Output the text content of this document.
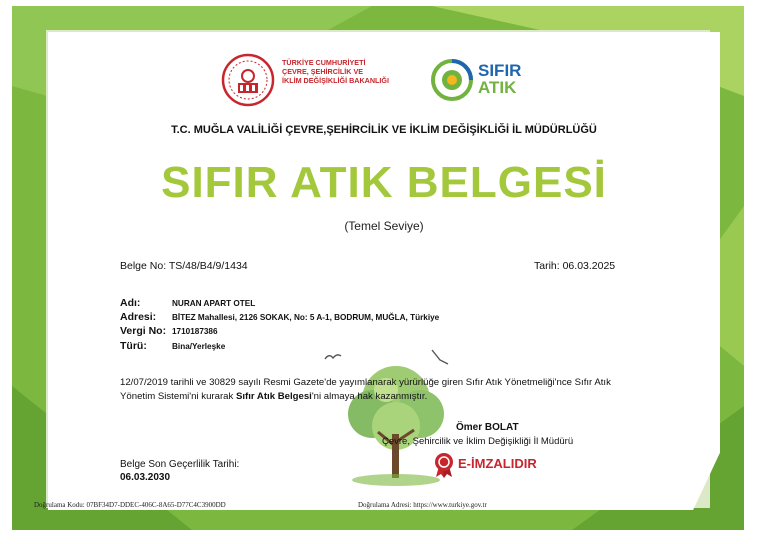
TÜRKİYE CUMHURİYETİ
ÇEVRE, ŞEHİRCİLİK VE
İKLİM DEĞİŞİKLİĞİ BAKANLIĞI
SIFIR
ATIK
T.C. MUĞLA VALİLİĞİ ÇEVRE,ŞEHİRCİLİK VE İKLİM DEĞİŞİKLİĞİ İL MÜDÜRLÜĞÜ
SIFIR ATIK BELGESİ
(Temel Seviye)
Belge No: TS/48/B4/9/1434	Tarih: 06.03.2025
Adı:	NURAN APART OTEL
Adresi: BİTEZ Mahallesi, 2126 SOKAK, No: 5 A-1, BODRUM, MUĞLA, Türkiye
Vergi No: 1710187386
Türü:	Bina/Yerleşke
12/07/2019 tarihli ve 30829 sayılı Resmi Gazete'de yayımlanarak yürürlüğe giren Sıfır Atık Yönetmeliği'nce Sıfır Atık Yönetim Sistemi'ni kurarak Sıfır Atık Belgesi'ni almaya hak kazanmıştır.
Ömer BOLAT
Çevre, Şehircilik ve İklim Değişikliği İl Müdürü
Belge Son Geçerlilik Tarihi:
06.03.2030
E-İMZALIDIR
Doğrulama Kodu: 07BF34D7-DDEC-406C-8A65-D77C4C3900DD	Doğrulama Adresi: https://www.turkiye.gov.tr
